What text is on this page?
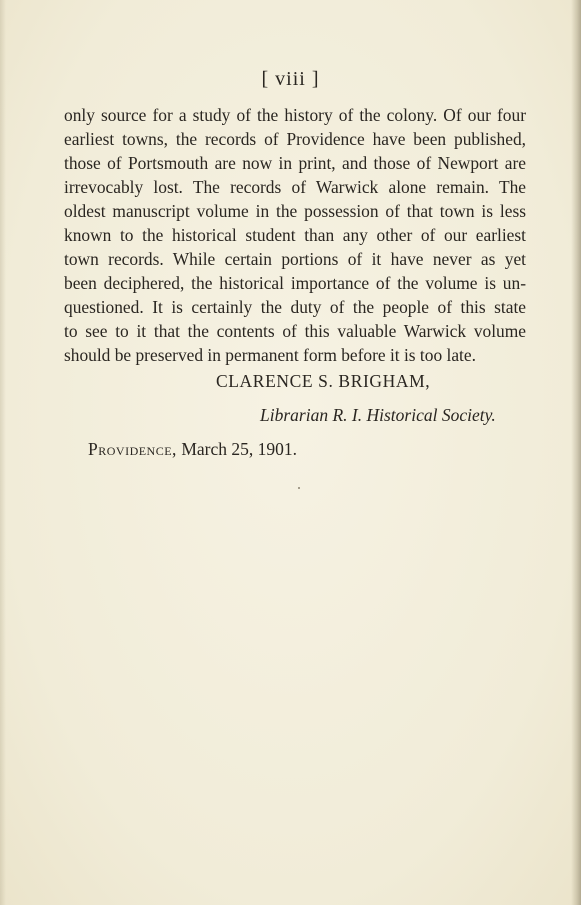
[ viii ]
only source for a study of the history of the colony. Of our four
earliest towns, the records of Providence have been published,
those of Portsmouth are now in print, and those of Newport are
irrevocably lost. The records of Warwick alone remain. The
oldest manuscript volume in the possession of that town is less
known to the historical student than any other of our earliest
town records. While certain portions of it have never as yet
been deciphered, the historical importance of the volume is un-
questioned. It is certainly the duty of the people of this state
to see to it that the contents of this valuable Warwick volume
should be preserved in permanent form before it is too late.
CLARENCE S. BRIGHAM,
Librarian R. I. Historical Society.
Providence, March 25, 1901.
